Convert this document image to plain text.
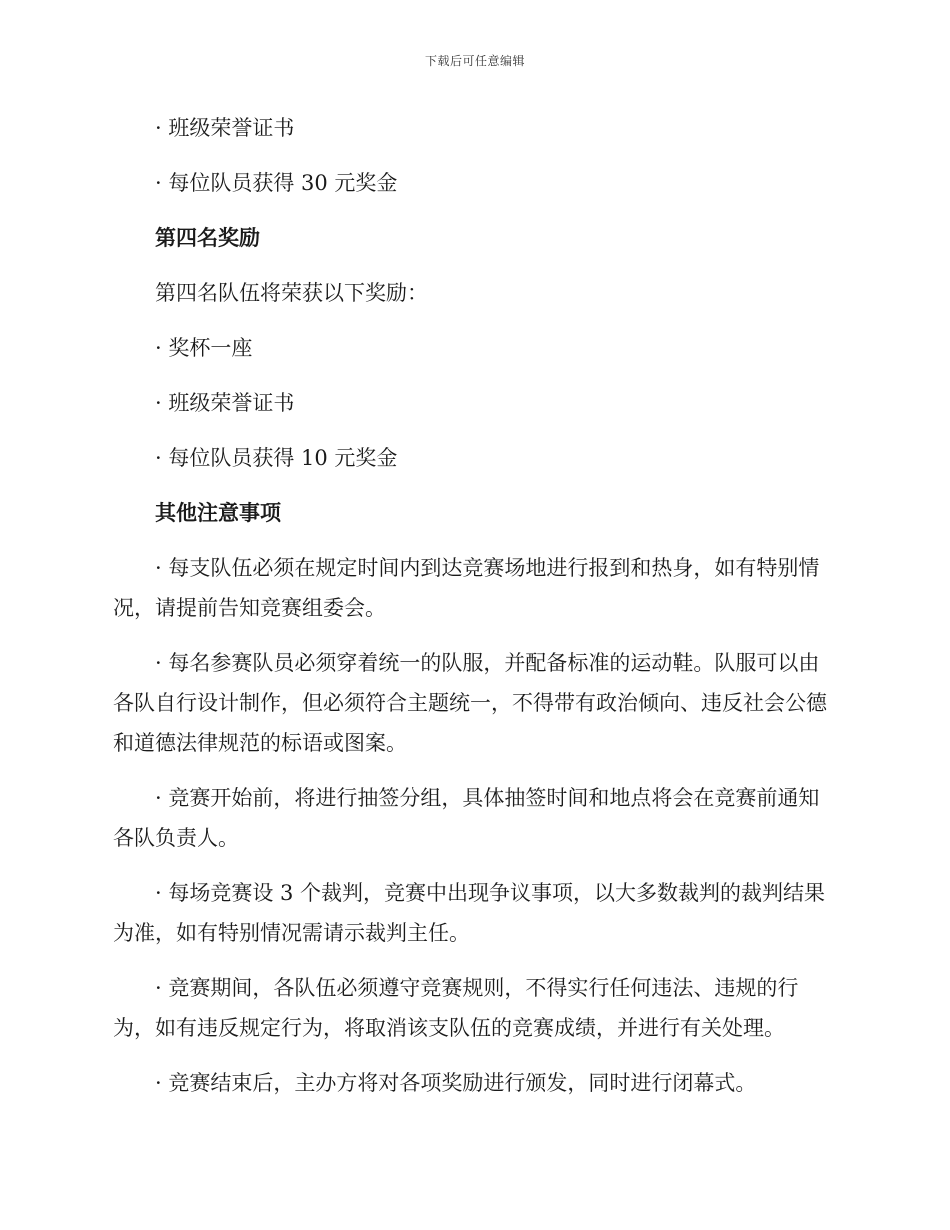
下载后可任意编辑

· 班级荣誉证书

· 每位队员获得 30 元奖金

第四名奖励

第四名队伍将荣获以下奖励：

· 奖杯一座

· 班级荣誉证书

· 每位队员获得 10 元奖金

其他注意事项

· 每支队伍必须在规定时间内到达竞赛场地进行报到和热身，如有特别情况，请提前告知竞赛组委会。

· 每名参赛队员必须穿着统一的队服，并配备标准的运动鞋。队服可以由各队自行设计制作，但必须符合主题统一，不得带有政治倾向、违反社会公德和道德法律规范的标语或图案。

· 竞赛开始前，将进行抽签分组，具体抽签时间和地点将会在竞赛前通知各队负责人。

· 每场竞赛设 3 个裁判，竞赛中出现争议事项，以大多数裁判的裁判结果为准，如有特别情况需请示裁判主任。

· 竞赛期间，各队伍必须遵守竞赛规则，不得实行任何违法、违规的行为，如有违反规定行为，将取消该支队伍的竞赛成绩，并进行有关处理。

· 竞赛结束后，主办方将对各项奖励进行颁发，同时进行闭幕式。
